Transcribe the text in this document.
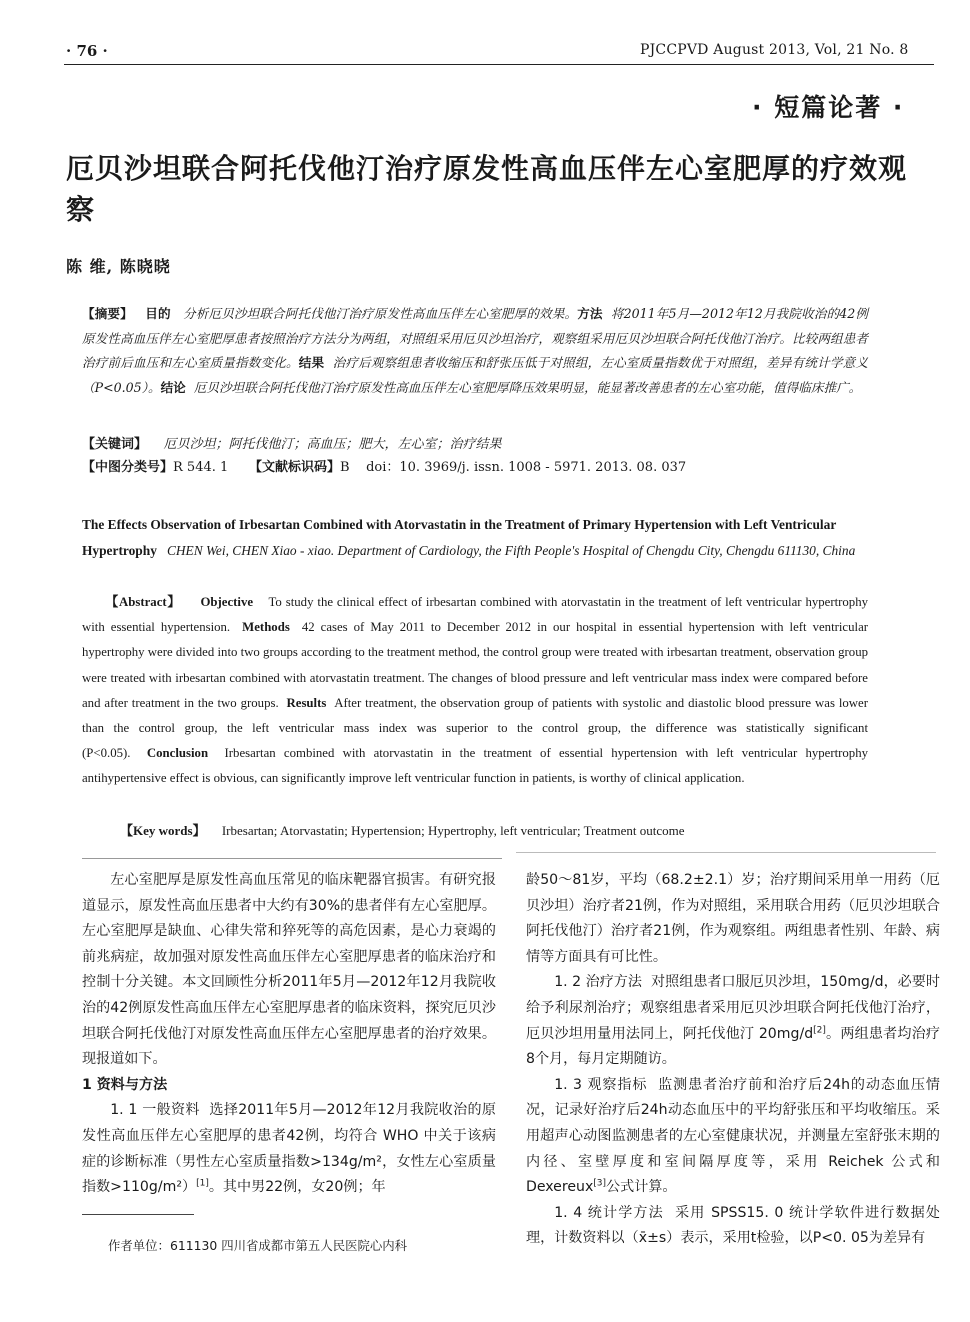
· 76 ·	PJCCPVD August 2013, Vol, 21 No. 8
· 短篇论著 ·
厄贝沙坦联合阿托伐他汀治疗原发性高血压伴左心室肥厚的疗效观察
陈 维, 陈晓晓
【摘要】 目的 分析厄贝沙坦联合阿托伐他汀治疗原发性高血压伴左心室肥厚的效果。方法 将2011年5月—2012年12月我院收治的42例原发性高血压伴左心室肥厚患者按照治疗方法分为两组，对照组采用厄贝沙坦治疗，观察组采用厄贝沙坦联合阿托伐他汀治疗。比较两组患者治疗前后血压和左心室质量指数变化。结果 治疗后观察组患者收缩压和舒张压低于对照组，左心室质量指数优于对照组，差异有统计学意义（P<0.05）。结论 厄贝沙坦联合阿托伐他汀治疗原发性高血压伴左心室肥厚降压效果明显，能显著改善患者的左心室功能，值得临床推广。
【关键词】 厄贝沙坦；阿托伐他汀；高血压；肥大，左心室；治疗结果
【中图分类号】R 544. 1 【文献标识码】B doi：10. 3969/j. issn. 1008 - 5971. 2013. 08. 037
The Effects Observation of Irbesartan Combined with Atorvastatin in the Treatment of Primary Hypertension with Left Ventricular Hypertrophy CHEN Wei, CHEN Xiao - xiao. Department of Cardiology, the Fifth People's Hospital of Chengdu City, Chengdu 611130, China
【Abstract】 Objective To study the clinical effect of irbesartan combined with atorvastatin in the treatment of left ventricular hypertrophy with essential hypertension. Methods 42 cases of May 2011 to December 2012 in our hospital in essential hypertension with left ventricular hypertrophy were divided into two groups according to the treatment method, the control group were treated with irbesartan treatment, observation group were treated with irbesartan combined with atorvastatin treatment. The changes of blood pressure and left ventricular mass index were compared before and after treatment in the two groups. Results After treatment, the observation group of patients with systolic and diastolic blood pressure was lower than the control group, the left ventricular mass index was superior to the control group, the difference was statistically significant (P<0.05). Conclusion Irbesartan combined with atorvastatin in the treatment of essential hypertension with left ventricular hypertrophy antihypertensive effect is obvious, can significantly improve left ventricular function in patients, is worthy of clinical application.
【Key words】 Irbesartan; Atorvastatin; Hypertension; Hypertrophy, left ventricular; Treatment outcome

左心室肥厚是原发性高血压常见的临床靶器官损害。有研究报道显示，原发性高血压患者中大约有30%的患者伴有左心室肥厚。左心室肥厚是缺血、心律失常和猝死等的高危因素，是心力衰竭的前兆病症，故加强对原发性高血压伴左心室肥厚患者的临床治疗和控制十分关键。本文回顾性分析2011年5月—2012年12月我院收治的42例原发性高血压伴左心室肥厚患者的临床资料，探究厄贝沙坦联合阿托伐他汀对原发性高血压伴左心室肥厚患者的治疗效果。现报道如下。

1 资料与方法

1. 1 一般资料 选择2011年5月—2012年12月我院收治的原发性高血压伴左心室肥厚的患者42例，均符合 WHO 中关于该病症的诊断标准（男性左心室质量指数>134g/m²，女性左心室质量指数>110g/m²）[1]。其中男22例，女20例；年

龄50～81岁，平均（68.2±2.1）岁；治疗期间采用单一用药（厄贝沙坦）治疗者21例，作为对照组，采用联合用药（厄贝沙坦联合阿托伐他汀）治疗者21例，作为观察组。两组患者性别、年龄、病情等方面具有可比性。

1. 2 治疗方法 对照组患者口服厄贝沙坦，150mg/d，必要时给予利尿剂治疗；观察组患者采用厄贝沙坦联合阿托伐他汀治疗，厄贝沙坦用量用法同上，阿托伐他汀 20mg/d[2]。两组患者均治疗8个月，每月定期随访。

1. 3 观察指标 监测患者治疗前和治疗后24h的动态血压情况，记录好治疗后24h动态血压中的平均舒张压和平均收缩压。采用超声心动图监测患者的左心室健康状况，并测量左室舒张末期的内径、室壁厚度和室间隔厚度等，采用 Reichek 公式和 Dexereux[3]公式计算。

1. 4 统计学方法 采用 SPSS15. 0 统计学软件进行数据处理，计数资料以（x̄±s）表示，采用t检验，以P<0. 05为差异有

作者单位：611130 四川省成都市第五人民医院心内科
